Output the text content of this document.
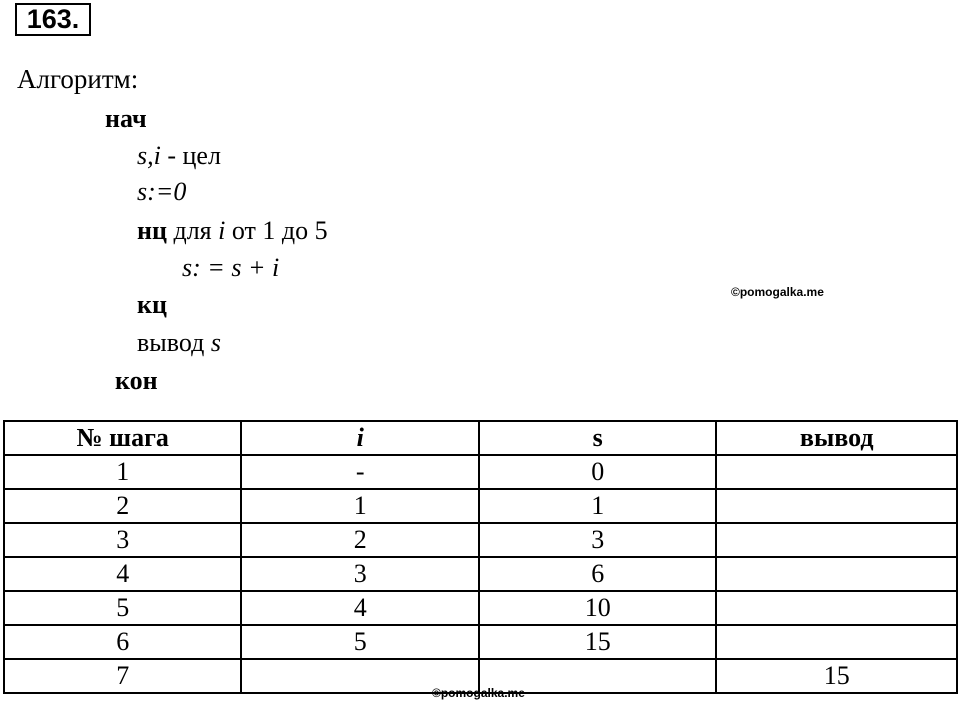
163.
Алгоритм:
нач
s,i - цел
s:=0
нц для i от 1 до 5
s: = s + i
кц
вывод s
кон
©pomogalka.me
№ шага	i	s	вывод
1	-	0	
2	1	1	
3	2	3	
4	3	6	
5	4	10	
6	5	15	
7			15
©pomogalka.me
